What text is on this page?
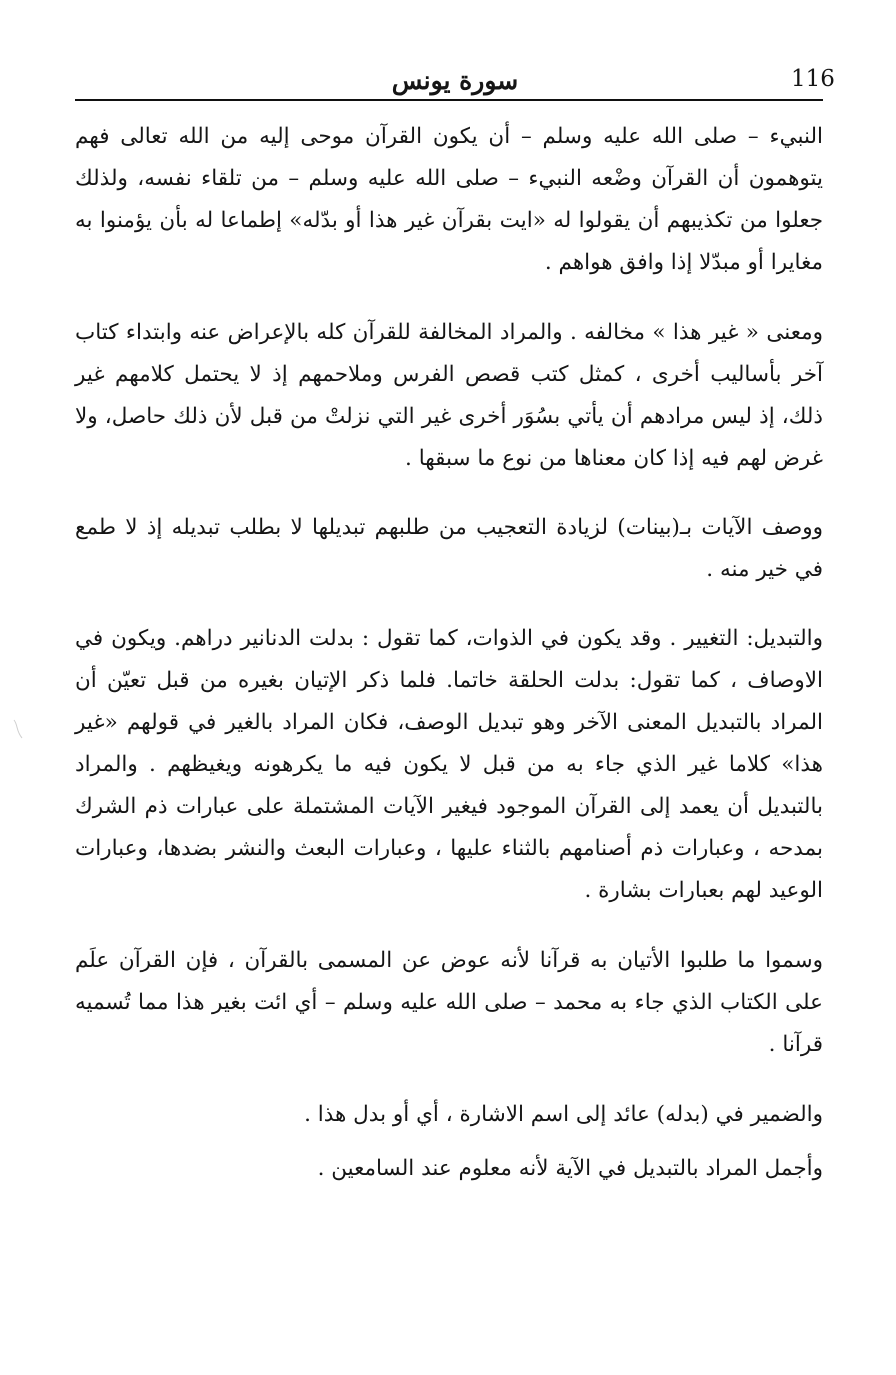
116
سورة يونس

النبيء – صلى الله عليه وسلم – أن يكون القرآن موحى إليه من الله تعالى فهم يتوهمون أن القرآن وضْعه النبيء – صلى الله عليه وسلم – من تلقاء نفسه، ولذلك جعلوا من تكذيبهم أن يقولوا له «ايت بقرآن غير هذا أو بدّله» إطماعا له بأن يؤمنوا به مغايرا أو مبدّلا إذا وافق هواهم .

ومعنى « غير هذا » مخالفه . والمراد المخالفة للقرآن كله بالإعراض عنه وابتداء كتاب آخر بأساليب أخرى ، كمثل كتب قصص الفرس وملاحمهم إذ لا يحتمل كلامهم غير ذلك، إذ ليس مرادهم أن يأتي بسُوَر أخرى غير التي نزلتْ من قبل لأن ذلك حاصل، ولا غرض لهم فيه إذا كان معناها من نوع ما سبقها .

ووصف الآيات بـ(بينات) لزيادة التعجيب من طلبهم تبديلها لا بطلب تبديله إذ لا طمع في خير منه .

والتبديل: التغيير . وقد يكون في الذوات، كما تقول : بدلت الدنانير دراهم. ويكون في الاوصاف ، كما تقول: بدلت الحلقة خاتما. فلما ذكر الإتيان بغيره من قبل تعيّن أن المراد بالتبديل المعنى الآخر وهو تبديل الوصف، فكان المراد بالغير في قولهم «غير هذا» كلاما غير الذي جاء به من قبل لا يكون فيه ما يكرهونه ويغيظهم . والمراد بالتبديل أن يعمد إلى القرآن الموجود فيغير الآيات المشتملة على عبارات ذم الشرك بمدحه ، وعبارات ذم أصنامهم بالثناء عليها ، وعبارات البعث والنشر بضدها، وعبارات الوعيد لهم بعبارات بشارة .

وسموا ما طلبوا الأتيان به قرآنا لأنه عوض عن المسمى بالقرآن ، فإن القرآن علَم على الكتاب الذي جاء به محمد – صلى الله عليه وسلم – أي ائت بغير هذا مما تُسميه قرآنا .

والضمير في (بدله) عائد إلى اسم الاشارة ، أي أو بدل هذا .

وأجمل المراد بالتبديل في الآية لأنه معلوم عند السامعين .
